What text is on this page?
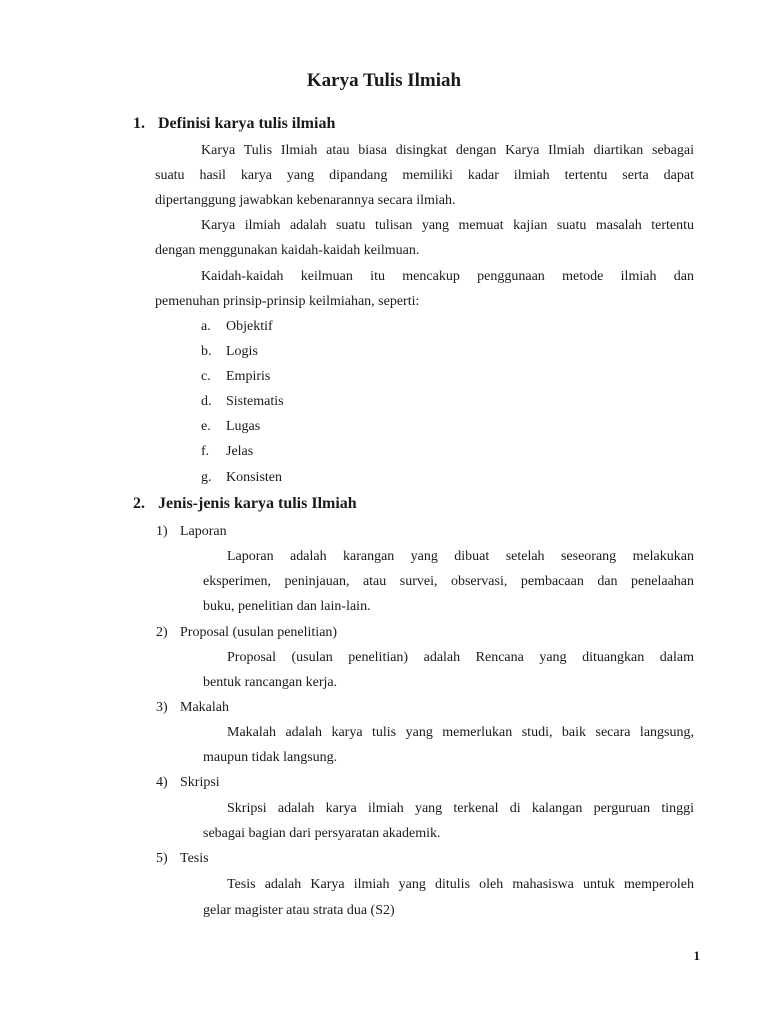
Karya Tulis Ilmiah
1. Definisi karya tulis ilmiah
Karya Tulis Ilmiah atau biasa disingkat dengan Karya Ilmiah diartikan sebagai
suatu hasil karya yang dipandang memiliki kadar ilmiah tertentu serta dapat
dipertanggung jawabkan kebenarannya secara ilmiah.
Karya ilmiah adalah suatu tulisan yang memuat kajian suatu masalah tertentu
dengan menggunakan kaidah-kaidah keilmuan.
Kaidah-kaidah keilmuan itu mencakup penggunaan metode ilmiah dan
pemenuhan prinsip-prinsip keilmiahan, seperti:
a. Objektif
b. Logis
c. Empiris
d. Sistematis
e. Lugas
f. Jelas
g. Konsisten
2. Jenis-jenis karya tulis Ilmiah
1) Laporan
Laporan adalah karangan yang dibuat setelah seseorang melakukan
eksperimen, peninjauan, atau survei, observasi, pembacaan dan penelaahan
buku, penelitian dan lain-lain.
2) Proposal (usulan penelitian)
Proposal (usulan penelitian) adalah Rencana yang dituangkan dalam
bentuk rancangan kerja.
3) Makalah
Makalah adalah karya tulis yang memerlukan studi, baik secara langsung,
maupun tidak langsung.
4) Skripsi
Skripsi adalah karya ilmiah yang terkenal di kalangan perguruan tinggi
sebagai bagian dari persyaratan akademik.
5) Tesis
Tesis adalah Karya ilmiah yang ditulis oleh mahasiswa untuk memperoleh
gelar magister atau strata dua (S2)
1
